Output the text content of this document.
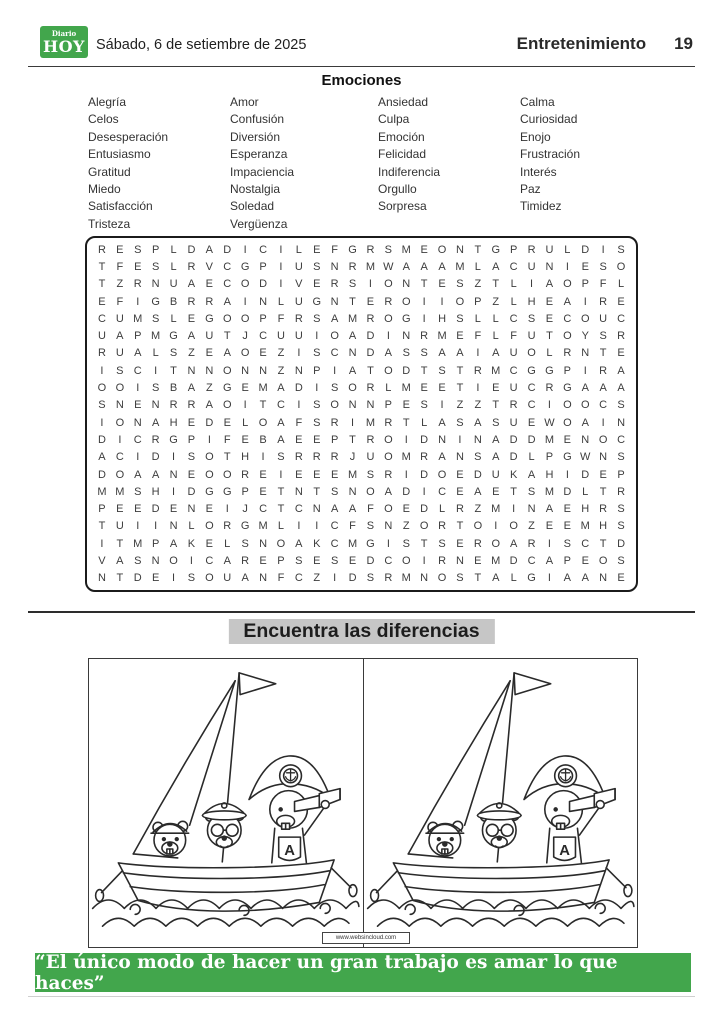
Diario
HOY Sábado, 6 de setiembre de 2025	Entretenimiento 19
Emociones
Alegría
Celos
Desesperación
Entusiasmo
Gratitud
Miedo
Satisfacción
Tristeza
Amor
Confusión
Diversión
Esperanza
Impaciencia
Nostalgia
Soledad
Vergüenza
Ansiedad
Culpa
Emoción
Felicidad
Indiferencia
Orgullo
Sorpresa
Calma
Curiosidad
Enojo
Frustración
Interés
Paz
Timidez
R E S P L D A D I C I L E F G R S M E O N T G P R U L D I S
T F E S L R V C G P I U S N R M W A A A M L A C U N I E S O
T Z R N U A E C O D I V E R S I O N T E S Z T L I A O P F L
E F I G B R R A I N L U G N T E R O I I O P Z L H E A I R E
C U M S L E G O O P F R S A M R O G I H S L L C S E C O U C
U A P M G A U T J C U U I O A D I N R M E F L F U T O Y S R
R U A L S Z E A O E Z I S C N D A S S A A I A U O L R N T E
I S C I T N N O N N Z N P I A T O D T S T R M C G G P I R A
O O I S B A Z G E M A D I S O R L M E E T I E U C R G A A A
S N E N R R A O I T C I S O N N P E S I Z Z T R C I O O C S
I O N A H E D E L O A F S R I M R T L A S A S U E W O A I N
D I C R G P I F E B A E E P T R O I D N I N A D D M E N O C
A C I D I S O T H I S R R R J U O M R A N S A D L P G W N S
D O A A N E O O R E I E E E M S R I D O E D U K A H I D E P
M M S H I D G G P E T N T S N O A D I C E A E T S M D L T R
P E E D E N E I J C T C N A A F O E D L R Z M I N A E H R S
T U I I N L O R G M L I I C F S N Z O R T O I O Z E E M H S
I T M P A K E L S N O A K C M G I S T S E R O A R I S C T D
V A S N O I C A R E P S E S E D C O I R N E M D C A P E O S
N T D E I S O U A N F C Z I D S R M N O S T A L G I A A N E
Encuentra las diferencias
A	A
www.websincloud.com
“El único modo de hacer un gran trabajo es amar lo que haces”
